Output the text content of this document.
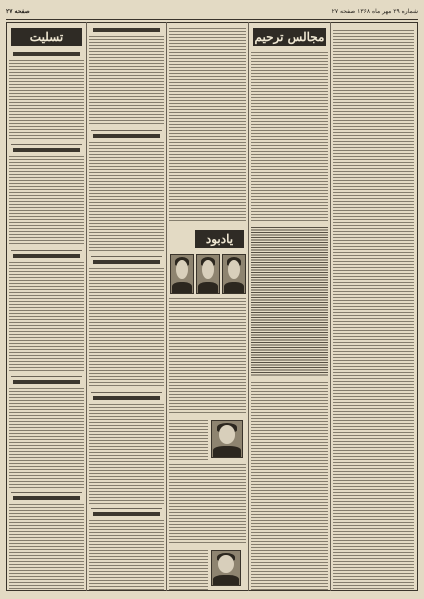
صفحه ۲۷	شماره ۲۹ مهر ماه ۱۳۶۸ صفحه ۲۷
مجالس ترحیم
یادبود
تسلیت
